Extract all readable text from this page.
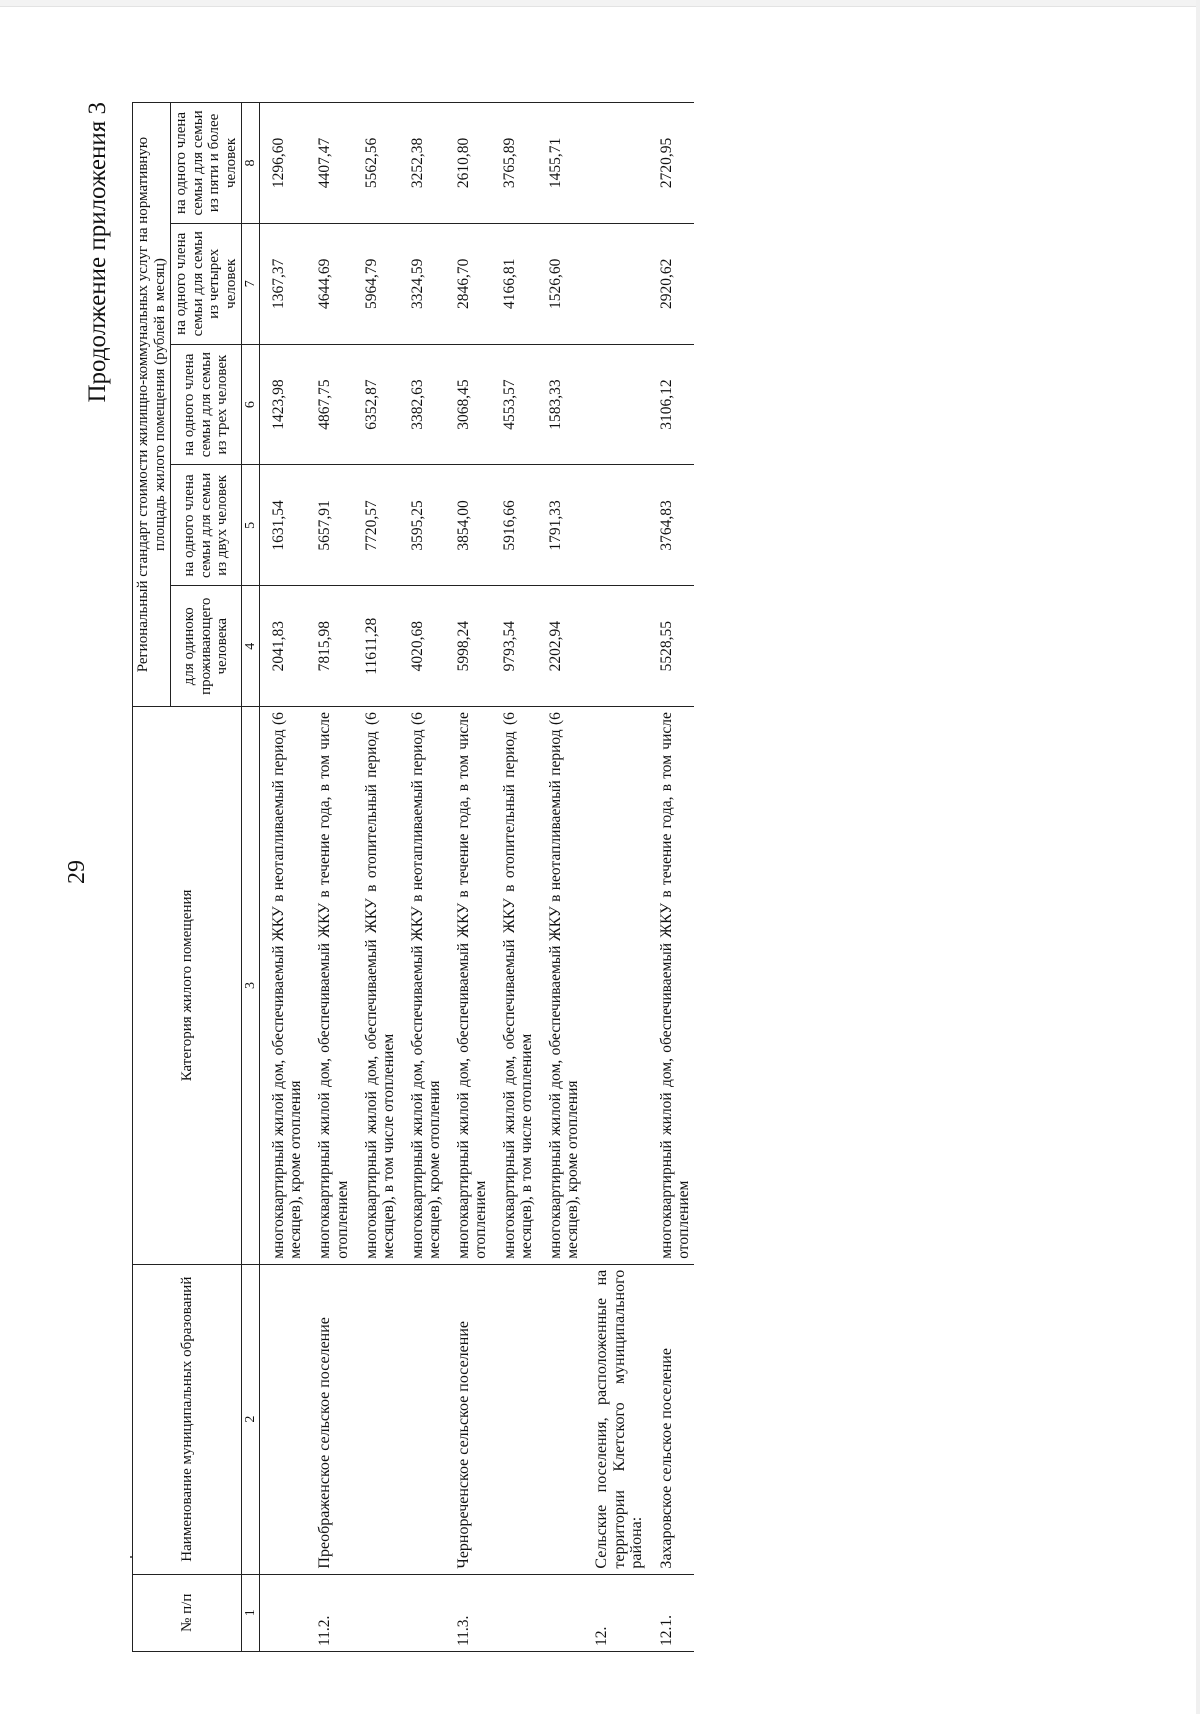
29
Продолжение приложения 3
№ п/п	Наименование муниципальных образований	Категория жилого помещения	Региональный стандарт стоимости жилищно-коммунальных услуг на нормативную площадь жилого помещения (рублей в месяц)				
			для одиноко проживающего человека	на одного члена семьи для семьи из двух человек	на одного члена семьи для семьи из трех человек	на одного члена семьи для семьи из четырех человек	на одного члена семьи для семьи из пяти и более человек
1	2	3	4	5	6	7	8
		многоквартирный жилой дом, обеспечиваемый ЖКУ в неотапливаемый период (6 месяцев), кроме отопления	2041,83	1631,54	1423,98	1367,37	1296,60
11.2.	Преображенское сельское поселение	многоквартирный жилой дом, обеспечиваемый ЖКУ в течение года, в том числе отоплением	7815,98	5657,91	4867,75	4644,69	4407,47
		многоквартирный жилой дом, обеспечиваемый ЖКУ в отопительный период (6 месяцев), в том числе отоплением	11611,28	7720,57	6352,87	5964,79	5562,56
		многоквартирный жилой дом, обеспечиваемый ЖКУ в неотапливаемый период (6 месяцев), кроме отопления	4020,68	3595,25	3382,63	3324,59	3252,38
11.3.	Чернореченское сельское поселение	многоквартирный жилой дом, обеспечиваемый ЖКУ в течение года, в том числе отоплением	5998,24	3854,00	3068,45	2846,70	2610,80
		многоквартирный жилой дом, обеспечиваемый ЖКУ в отопительный период (6 месяцев), в том числе отоплением	9793,54	5916,66	4553,57	4166,81	3765,89
		многоквартирный жилой дом, обеспечиваемый ЖКУ в неотапливаемый период (6 месяцев), кроме отопления	2202,94	1791,33	1583,33	1526,60	1455,71
12.	Сельские поселения, расположенные на территории Клетского муниципального района:						
12.1.	Захаровское сельское поселение	многоквартирный жилой дом, обеспечиваемый ЖКУ в течение года, в том числе отоплением	5528,55	3764,83	3106,12	2920,62	2720,95
